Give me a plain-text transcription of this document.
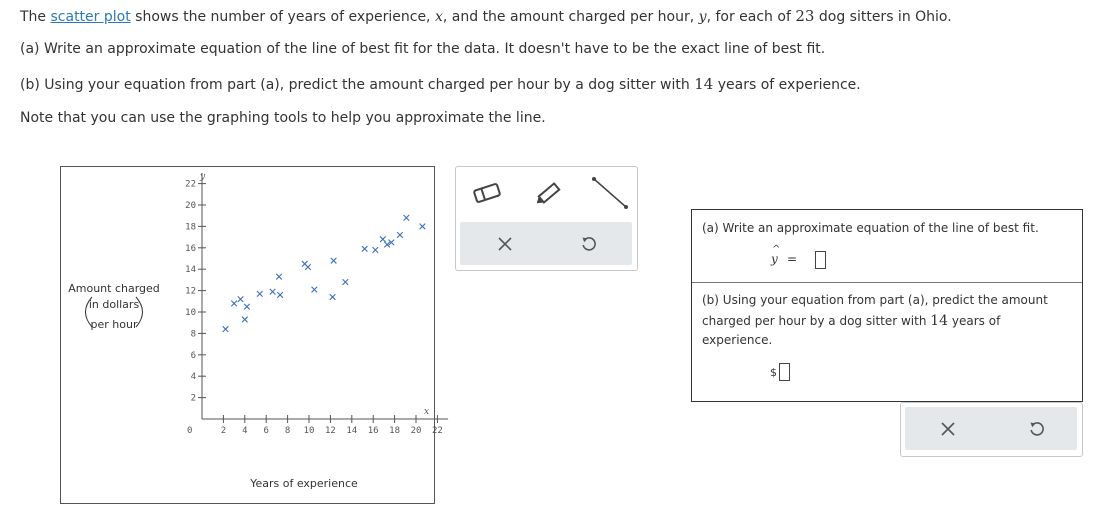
The scatter plot shows the number of years of experience, x, and the amount charged per hour, y, for each of 23 dog sitters in Ohio.
(a) Write an approximate equation of the line of best fit for the data. It doesn't have to be the exact line of best fit.
(b) Using your equation from part (a), predict the amount charged per hour by a dog sitter with 14 years of experience.
Note that you can use the graphing tools to help you approximate the line.
2 4 6 8 10 12 14 16 18 20 22
2
4
6
8
10
12
14
16
18
20
22
y
x
0
Years of experience
Amount charged
in dollars
per hour
(a) Write an approximate equation of the line of best fit.
^
y =
(b) Using your equation from part (a), predict the amount
charged per hour by a dog sitter with 14 years of
experience.
$
